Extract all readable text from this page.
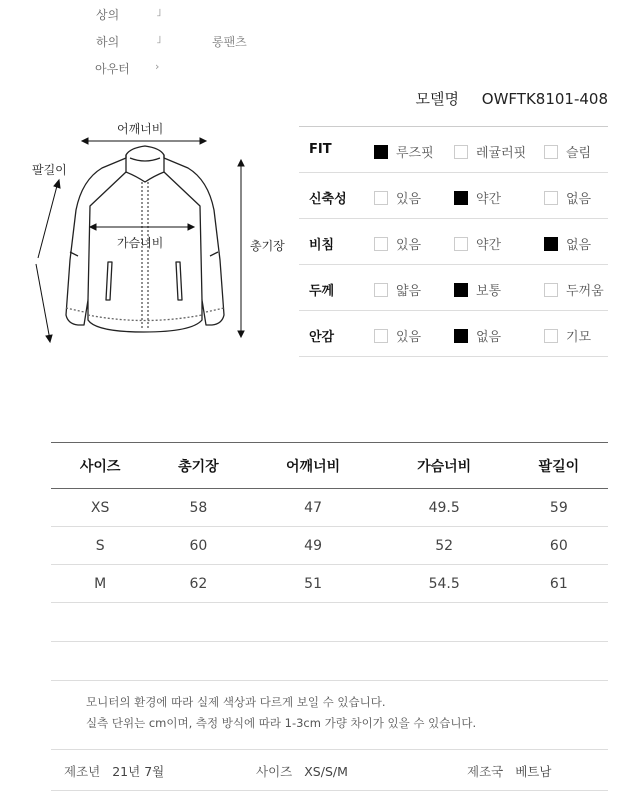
상의	˩
하의	˩	롱팬츠
아우터 ›
모델명 OWFTK8101-408
어깨너비
팔길이
가슴너비	총기장
FIT	루즈핏	레귤러핏	슬림
신축성	있음	약간	없음
비침	있음	약간	없음
두께	얇음	보통	두꺼움
안감	있음	없음	기모
사이즈	총기장	어깨너비	가슴너비	팔길이
XS	58	47	49.5	59
S	60	49	52	60
M	62	51	54.5	61

모니터의 환경에 따라 실제 색상과 다르게 보일 수 있습니다.
실측 단위는 cm이며, 측정 방식에 따라 1-3cm 가량 차이가 있을 수 있습니다.
제조년 21년 7월	사이즈 XS/S/M	제조국 베트남
